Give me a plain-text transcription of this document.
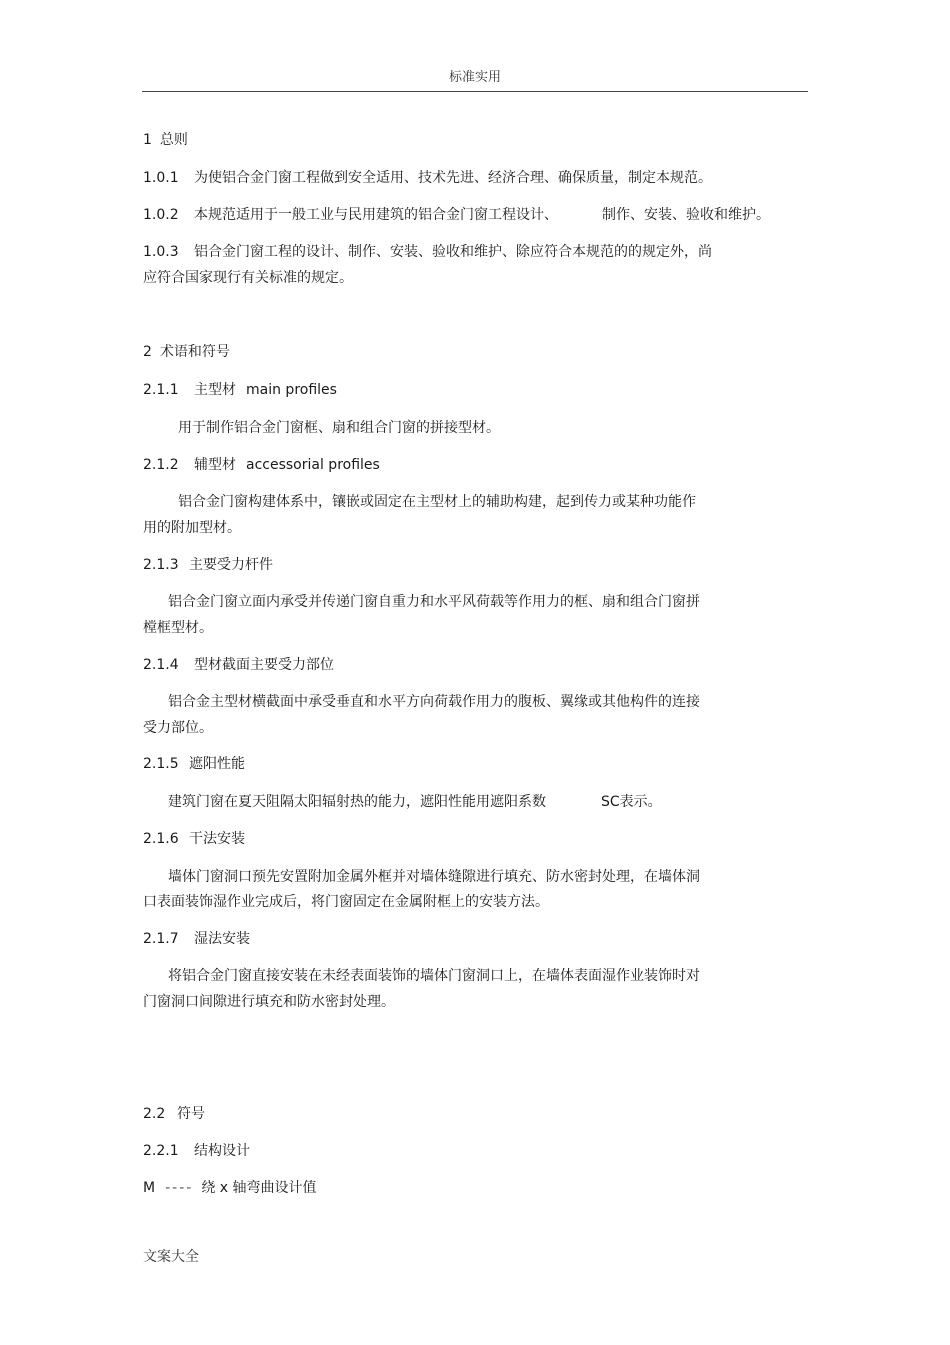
标准实用
1 总则
1.0.1 为使铝合金门窗工程做到安全适用、技术先进、经济合理、确保质量，制定本规范。
1.0.2 本规范适用于一般工业与民用建筑的铝合金门窗工程设计、	制作、安装、验收和维护。
1.0.3 铝合金门窗工程的设计、制作、安装、验收和维护、除应符合本规范的的规定外，尚
应符合国家现行有关标准的规定。
2 术语和符号
2.1.1 主型材 main profiles
用于制作铝合金门窗框、扇和组合门窗的拼接型材。
2.1.2 辅型材 accessorial profiles
铝合金门窗构建体系中，镶嵌或固定在主型材上的辅助构建，起到传力或某种功能作
用的附加型材。
2.1.3 主要受力杆件
铝合金门窗立面内承受并传递门窗自重力和水平风荷载等作用力的框、扇和组合门窗拼
樘框型材。
2.1.4 型材截面主要受力部位
铝合金主型材横截面中承受垂直和水平方向荷载作用力的腹板、翼缘或其他构件的连接
受力部位。
2.1.5 遮阳性能
建筑门窗在夏天阻隔太阳辐射热的能力，遮阳性能用遮阳系数	SC表示。
2.1.6 干法安装
墙体门窗洞口预先安置附加金属外框并对墙体缝隙进行填充、防水密封处理，在墙体洞
口表面装饰湿作业完成后，将门窗固定在金属附框上的安装方法。
2.1.7 湿法安装
将铝合金门窗直接安装在未经表面装饰的墙体门窗洞口上，在墙体表面湿作业装饰时对
门窗洞口间隙进行填充和防水密封处理。
2.2 符号
2.2.1 结构设计
M ---- 绕 x 轴弯曲设计值
文案大全
